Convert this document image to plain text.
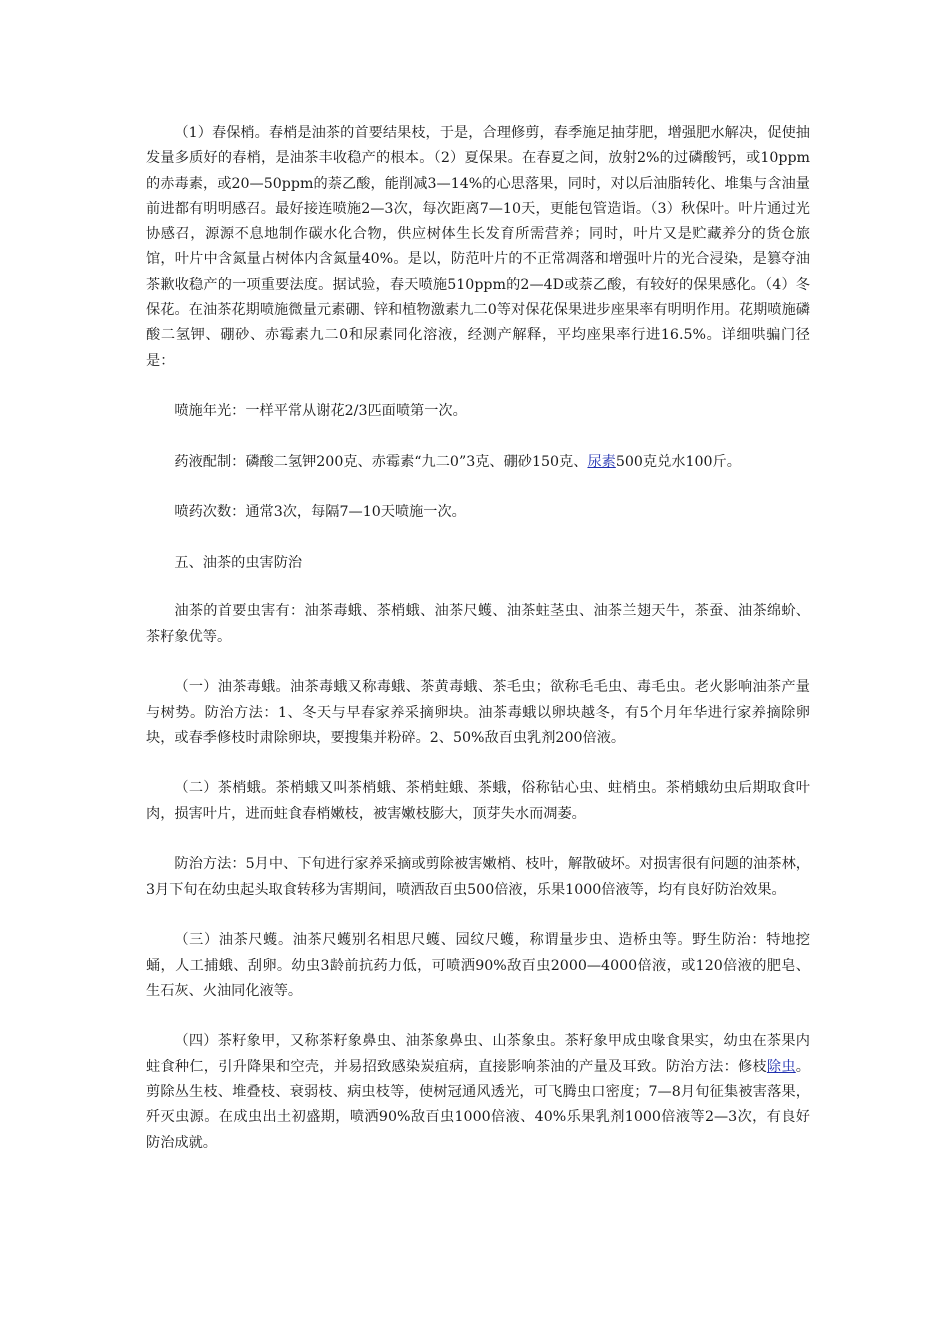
（1）春保梢。春梢是油茶的首要结果枝，于是，合理修剪，春季施足抽芽肥，增强肥水解决，促使抽发量多质好的春梢，是油茶丰收稳产的根本。（2）夏保果。在春夏之间，放射2%的过磷酸钙，或10ppm的赤毒素，或20—50ppm的萘乙酸，能削减3—14%的心思落果，同时，对以后油脂转化、堆集与含油量前进都有明明感召。最好接连喷施2—3次，每次距离7—10天，更能包管造诣。（3）秋保叶。叶片通过光协感召，源源不息地制作碳水化合物，供应树体生长发育所需营养；同时，叶片又是贮藏养分的货仓旅馆，叶片中含氮量占树体内含氮量40%。是以，防范叶片的不正常凋落和增强叶片的光合浸染，是篡夺油茶歉收稳产的一项重要法度。据试验，春天喷施510ppm的2—4D或萘乙酸，有较好的保果感化。（4）冬保花。在油茶花期喷施微量元素硼、锌和植物激素九二0等对保花保果进步座果率有明明作用。花期喷施磷酸二氢钾、硼砂、赤霉素九二0和尿素同化溶液，经测产解释，平均座果率行进16.5%。详细哄骗门径是：

喷施年光：一样平常从谢花2/3匹面喷第一次。

药液配制：磷酸二氢钾200克、赤霉素“九二0”3克、硼砂150克、尿素500克兑水100斤。

喷药次数：通常3次，每隔7—10天喷施一次。

五、油茶的虫害防治

油茶的首要虫害有：油茶毒蛾、茶梢蛾、油茶尺蠖、油茶蛀茎虫、油茶兰翅天牛，茶蚕、油茶绵蚧、茶籽象优等。

（一）油茶毒蛾。油茶毒蛾又称毒蛾、茶黄毒蛾、茶毛虫；欲称毛毛虫、毒毛虫。老火影响油茶产量与树势。防治方法：1、冬天与早春家养采摘卵块。油茶毒蛾以卵块越冬，有5个月年华进行家养摘除卵块，或春季修枝时肃除卵块，要搜集并粉碎。2、50%敌百虫乳剂200倍液。

（二）茶梢蛾。茶梢蛾又叫茶梢蛾、茶梢蛀蛾、茶蛾，俗称钻心虫、蛀梢虫。茶梢蛾幼虫后期取食叶肉，损害叶片，进而蛀食春梢嫩枝，被害嫩枝膨大，顶芽失水而凋萎。

防治方法：5月中、下旬进行家养采摘或剪除被害嫩梢、枝叶，解散破坏。对损害很有问题的油茶林，3月下旬在幼虫起头取食转移为害期间，喷洒敌百虫500倍液，乐果1000倍液等，均有良好防治效果。

（三）油茶尺蠖。油茶尺蠖别名相思尺蠖、园纹尺蠖，称谓量步虫、造桥虫等。野生防治：特地挖蛹，人工捕蛾、刮卵。幼虫3龄前抗药力低，可喷洒90%敌百虫2000—4000倍液，或120倍液的肥皂、生石灰、火油同化液等。

（四）茶籽象甲，又称茶籽象鼻虫、油茶象鼻虫、山茶象虫。茶籽象甲成虫喙食果实，幼虫在茶果内蛀食种仁，引升降果和空壳，并易招致感染炭疽病，直接影响茶油的产量及耳致。防治方法：修枝除虫。剪除丛生枝、堆叠枝、衰弱枝、病虫枝等，使树冠通风透光，可飞腾虫口密度；7—8月旬征集被害落果，歼灭虫源。在成虫出土初盛期，喷洒90%敌百虫1000倍液、40%乐果乳剂1000倍液等2—3次，有良好防治成就。
